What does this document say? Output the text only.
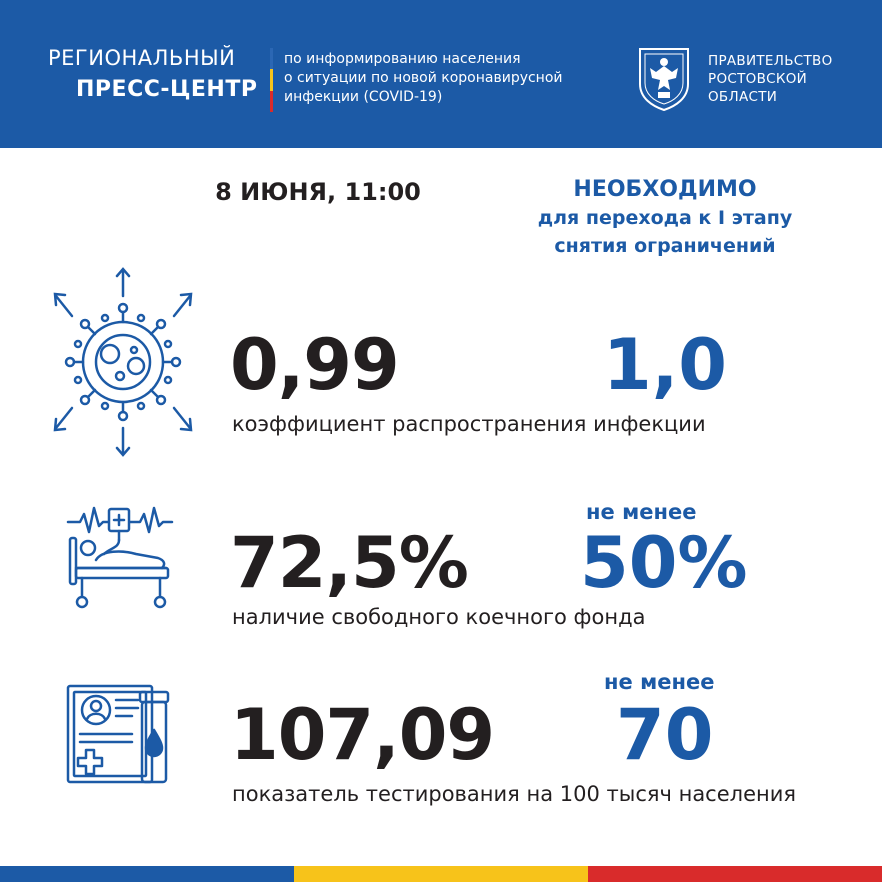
РЕГИОНАЛЬНЫЙ
ПРЕСС-ЦЕНТР
по информированию населения
о ситуации по новой коронавирусной
инфекции (COVID-19)
ПРАВИТЕЛЬСТВО
РОСТОВСКОЙ
ОБЛАСТИ
8 ИЮНЯ, 11:00	НЕОБХОДИМО
для перехода к I этапу
снятия ограничений
0,99	1,0
коэффициент распространения инфекции
72,5%
не менее
50%
наличие свободного коечного фонда
107,09
не менее
70
показатель тестирования на 100 тысяч населения
